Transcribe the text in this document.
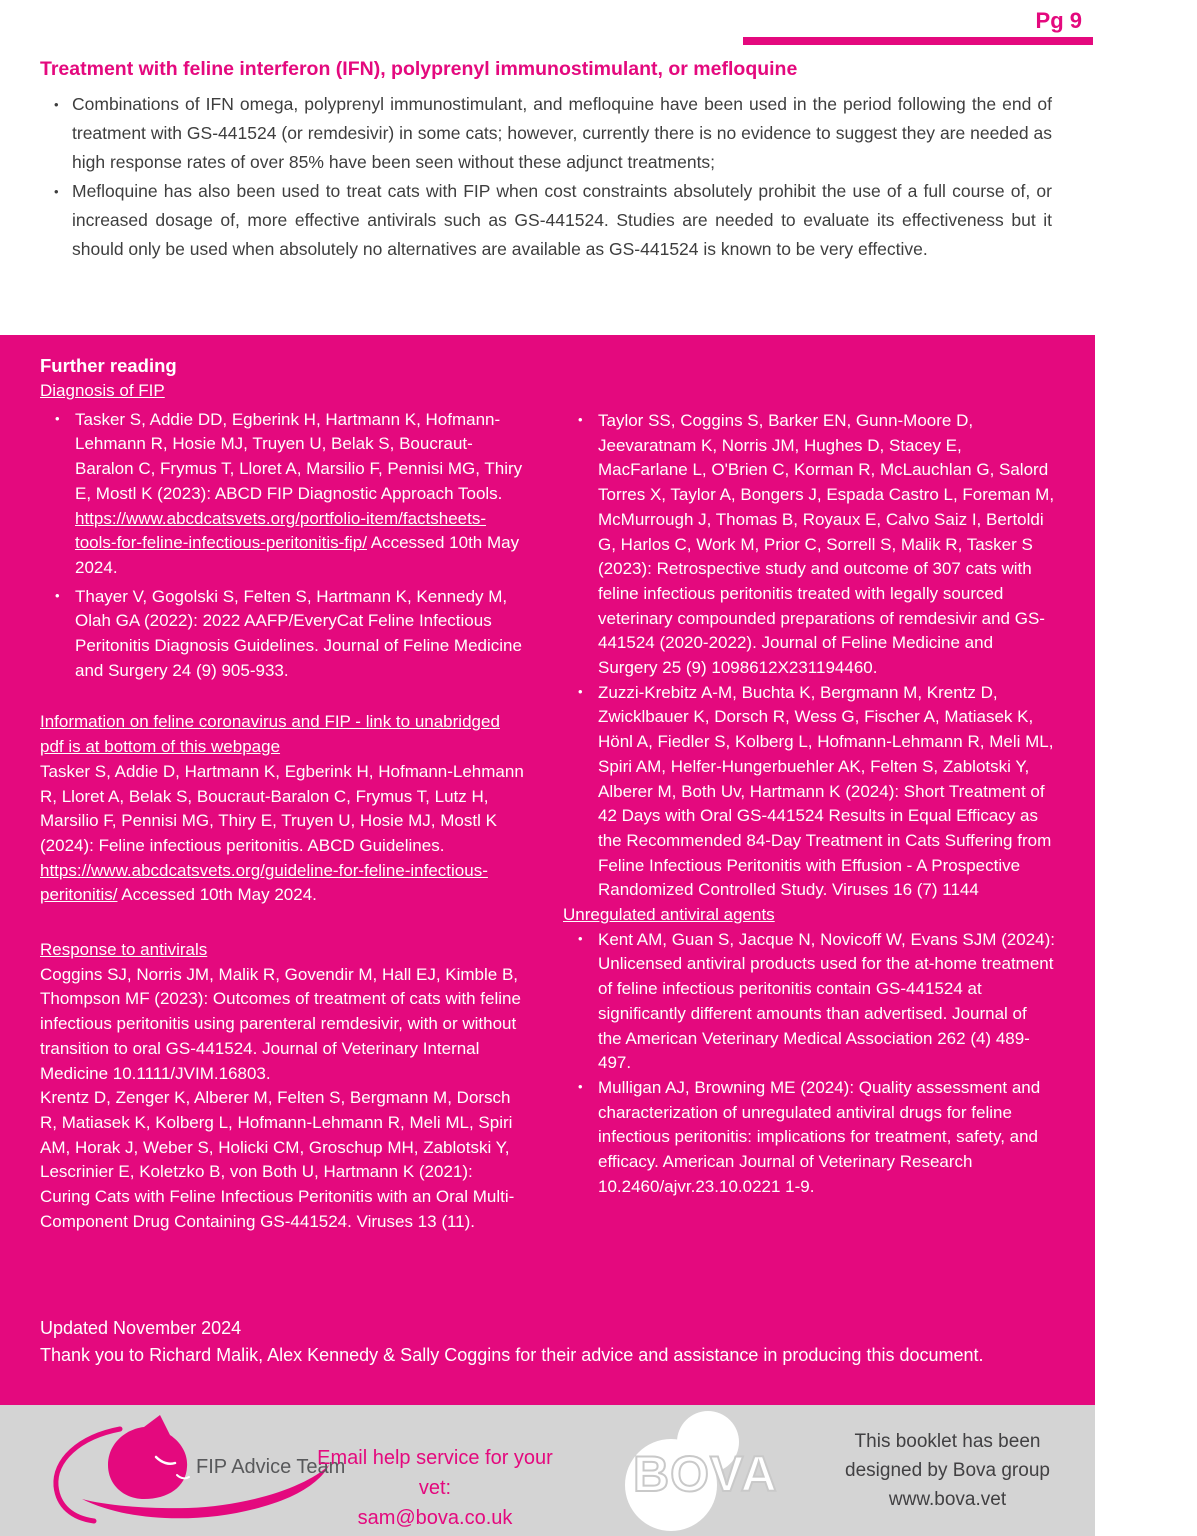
Pg 9
Treatment with feline interferon (IFN), polyprenyl immunostimulant, or mefloquine

• Combinations of IFN omega, polyprenyl immunostimulant, and mefloquine have been used in the period following the end of treatment with GS-441524 (or remdesivir) in some cats; however, currently there is no evidence to suggest they are needed as high response rates of over 85% have been seen without these adjunct treatments;

• Mefloquine has also been used to treat cats with FIP when cost constraints absolutely prohibit the use of a full course of, or increased dosage of, more effective antivirals such as GS-441524. Studies are needed to evaluate its effectiveness but it should only be used when absolutely no alternatives are available as GS-441524 is known to be very effective.

Further reading
Diagnosis of FIP
• Tasker S, Addie DD, Egberink H, Hartmann K, Hofmann-Lehmann R, Hosie MJ, Truyen U, Belak S, Boucraut-Baralon C, Frymus T, Lloret A, Marsilio F, Pennisi MG, Thiry E, Mostl K (2023): ABCD FIP Diagnostic Approach Tools. https://www.abcdcatsvets.org/portfolio-item/factsheets-tools-for-feline-infectious-peritonitis-fip/ Accessed 10th May 2024.
• Thayer V, Gogolski S, Felten S, Hartmann K, Kennedy M, Olah GA (2022): 2022 AAFP/EveryCat Feline Infectious Peritonitis Diagnosis Guidelines. Journal of Feline Medicine and Surgery 24 (9) 905-933.
Information on feline coronavirus and FIP - link to unabridged pdf is at bottom of this webpage
Tasker S, Addie D, Hartmann K, Egberink H, Hofmann-Lehmann R, Lloret A, Belak S, Boucraut-Baralon C, Frymus T, Lutz H, Marsilio F, Pennisi MG, Thiry E, Truyen U, Hosie MJ, Mostl K (2024): Feline infectious peritonitis. ABCD Guidelines. https://www.abcdcatsvets.org/guideline-for-feline-infectious-peritonitis/ Accessed 10th May 2024.
Response to antivirals
Coggins SJ, Norris JM, Malik R, Govendir M, Hall EJ, Kimble B, Thompson MF (2023): Outcomes of treatment of cats with feline infectious peritonitis using parenteral remdesivir, with or without transition to oral GS-441524. Journal of Veterinary Internal Medicine 10.1111/JVIM.16803.
Krentz D, Zenger K, Alberer M, Felten S, Bergmann M, Dorsch R, Matiasek K, Kolberg L, Hofmann-Lehmann R, Meli ML, Spiri AM, Horak J, Weber S, Holicki CM, Groschup MH, Zablotski Y, Lescrinier E, Koletzko B, von Both U, Hartmann K (2021): Curing Cats with Feline Infectious Peritonitis with an Oral Multi-Component Drug Containing GS-441524. Viruses 13 (11).
• Taylor SS, Coggins S, Barker EN, Gunn-Moore D, Jeevaratnam K, Norris JM, Hughes D, Stacey E, MacFarlane L, O'Brien C, Korman R, McLauchlan G, Salord Torres X, Taylor A, Bongers J, Espada Castro L, Foreman M, McMurrough J, Thomas B, Royaux E, Calvo Saiz I, Bertoldi G, Harlos C, Work M, Prior C, Sorrell S, Malik R, Tasker S (2023): Retrospective study and outcome of 307 cats with feline infectious peritonitis treated with legally sourced veterinary compounded preparations of remdesivir and GS-441524 (2020-2022). Journal of Feline Medicine and Surgery 25 (9) 1098612X231194460.
• Zuzzi-Krebitz A-M, Buchta K, Bergmann M, Krentz D, Zwicklbauer K, Dorsch R, Wess G, Fischer A, Matiasek K, Hönl A, Fiedler S, Kolberg L, Hofmann-Lehmann R, Meli ML, Spiri AM, Helfer-Hungerbuehler AK, Felten S, Zablotski Y, Alberer M, Both Uv, Hartmann K (2024): Short Treatment of 42 Days with Oral GS-441524 Results in Equal Efficacy as the Recommended 84-Day Treatment in Cats Suffering from Feline Infectious Peritonitis with Effusion - A Prospective Randomized Controlled Study. Viruses 16 (7) 1144
Unregulated antiviral agents
• Kent AM, Guan S, Jacque N, Novicoff W, Evans SJM (2024): Unlicensed antiviral products used for the at-home treatment of feline infectious peritonitis contain GS-441524 at significantly different amounts than advertised. Journal of the American Veterinary Medical Association 262 (4) 489-497.
• Mulligan AJ, Browning ME (2024): Quality assessment and characterization of unregulated antiviral drugs for feline infectious peritonitis: implications for treatment, safety, and efficacy. American Journal of Veterinary Research 10.2460/ajvr.23.10.0221 1-9.

Updated November 2024

Thank you to Richard Malik, Alex Kennedy & Sally Coggins for their advice and assistance in producing this document.

FIP Advice Team

Email help service for your vet:

sam@bova.co.uk

BOVA

This booklet has been

designed by Bova group

www.bova.vet
